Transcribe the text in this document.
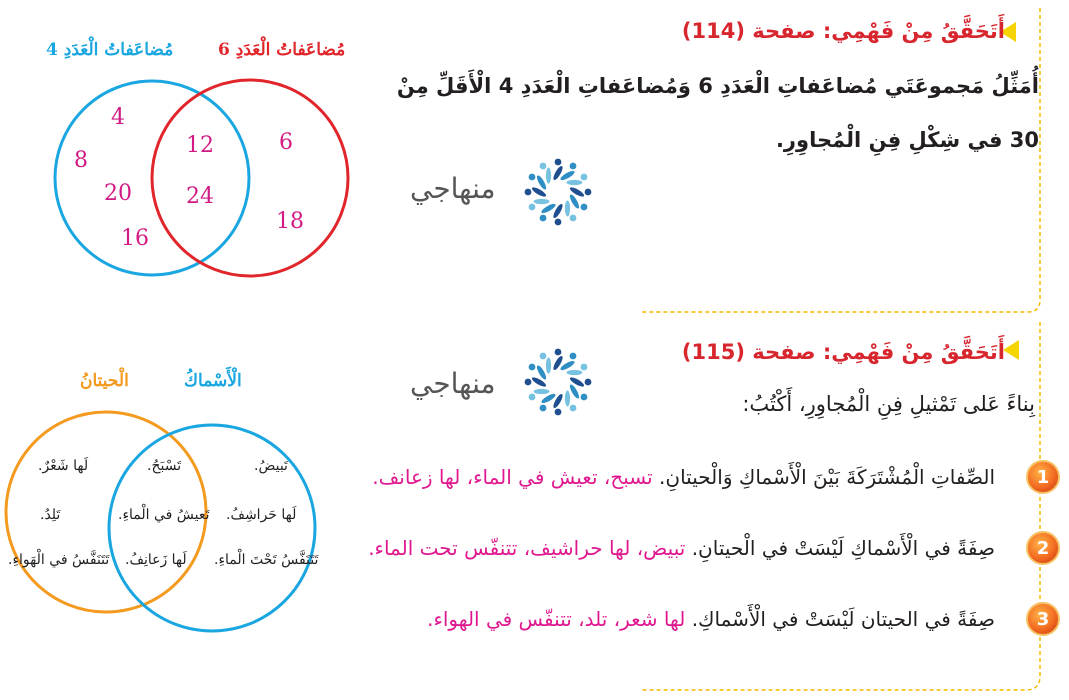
أَتَحَقَّقُ مِنْ فَهْمِي: صفحة (114)
أُمَثِّلُ مَجموعَتَي مُضاعَفاتِ الْعَدَدِ 6 وَمُضاعَفاتِ الْعَدَدِ 4 الْأَقَلِّ مِنْ
30 في شِكْلِ فِنِ الْمُجاوِرِ.
مُضاعَفاتُ الْعَدَدِ 4	مُضاعَفاتُ الْعَدَدِ 6
4
8
20
16
12
24
6
18
منهاجي
أَتَحَقَّقُ مِنْ فَهْمِي: صفحة (115)
بِناءً عَلى تَمْثيلِ فِنِ الْمُجاوِرِ، أَكْتُبُ:
منهاجي
1
الصِّفاتِ الْمُشْتَرَكَةَ بَيْنَ الْأَسْماكِ وَالْحيتانِ. تسبح، تعيش في الماء، لها زعانف.
2
صِفَةً في الْأَسْماكِ لَيْسَتْ في الْحيتانِ. تبيض، لها حراشيف، تتنفّس تحت الماء.
3
صِفَةً في الحيتان لَيْسَتْ في الْأَسْماكِ. لها شعر، تلد، تتنفّس في الهواء.
الْحيتانُ	الْأَسْماكُ
لَها شَعْرٌ.
تَلِدُ.
تَتَنَفَّسُ في الْهَواءِ.
تَسْبَحُ.
تَعيشُ في الْماءِ.
لَها زَعانِفُ.
تَبيضُ.
لَها حَراشِفُ.
تَتَنَفَّسُ تَحْتَ الْماءِ.
